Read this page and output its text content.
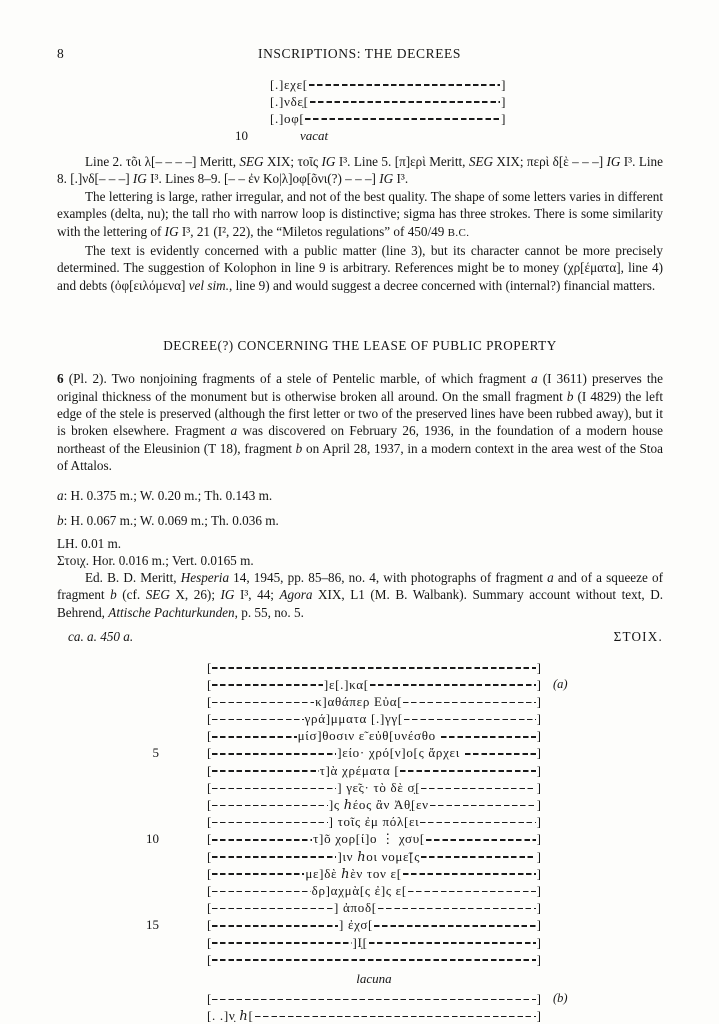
8	INSCRIPTIONS: THE DECREES
[.]εχε[	]
[.]νδε̣[	]
[.]οφ[	]
10	vacat

Line 2. τõι λ[– – – –] Meritt, SEG XIX; τοῖς IG I³. Line 5. [π]ερὶ Meritt, SEG XIX; περὶ δ[ὲ – – –] IG I³. Line 8. [.]νδ[– – –] IG I³. Lines 8–9. [– – ἐν Κο|λ]οφ[õνι(?) – – –] IG I³.

The lettering is large, rather irregular, and not of the best quality. The shape of some letters varies in different examples (delta, nu); the tall rho with narrow loop is distinctive; sigma has three strokes. There is some similarity with the lettering of IG I³, 21 (I², 22), the “Miletos regulations” of 450/49 B.C.

The text is evidently concerned with a public matter (line 3), but its character cannot be more precisely determined. The suggestion of Kolophon in line 9 is arbitrary. References might be to money (χρ[έματα], line 4) and debts (ὀφ[ειλόμενα] vel sim., line 9) and would suggest a decree concerned with (internal?) financial matters.

DECREE(?) CONCERNING THE LEASE OF PUBLIC PROPERTY

6 (Pl. 2). Two nonjoining fragments of a stele of Pentelic marble, of which fragment a (I 3611) preserves the original thickness of the monument but is otherwise broken all around. On the small fragment b (I 4829) the left edge of the stele is preserved (although the first letter or two of the preserved lines have been rubbed away), but it is broken elsewhere. Fragment a was discovered on February 26, 1936, in the foundation of a modern house northeast of the Eleusinion (T 18), fragment b on April 28, 1937, in a modern context in the area west of the Stoa of Attalos.

a: H. 0.375 m.; W. 0.20 m.; Th. 0.143 m.

b: H. 0.067 m.; W. 0.069 m.; Th. 0.036 m.

LH. 0.01 m.

Στοιχ. Hor. 0.016 m.; Vert. 0.0165 m.

Ed. B. D. Meritt, Hesperia 14, 1945, pp. 85–86, no. 4, with photographs of fragment a and of a squeeze of fragment b (cf. SEG X, 26); IG I³, 44; Agora XIX, L1 (M. B. Walbank). Summary account without text, D. Behrend, Attische Pachturkunden, p. 55, no. 5.

ca. a. 450 a.	ΣΤΟΙΧ.
[	]
[	]ε[.]κα[	] (a)
[	κ]αθάπερ Εὐα[	]
[	γρά]μματα [.]γγ[	]
[	μίσ]θοσιν ε̃ εὐθ[υνέσθο	]
5	[	]είο· χρό[ν]ο[ς ἄρχει	]
[	τ]ὰ χρέματα [	]
[	] γε̃ς· τὸ δὲ σ̣[	]
[	]ς ℎέος ἂν Ἀθ̣[εν	]
[	] τοῖς ἐμ πόλ[ει	]
10	[	τ]õ χορ[ί]ο ⋮ χσυ[	]
[	]ιν ℎοι νομε̃[ς	]
[	με]δὲ ℎὲν τον ε[	]
[	δρ]αχμὰ[ς ἐ]ς ε[	]
[	] ἀποδ[	]
15	[	] ἐχσ[	]
[	]Ι̣[	]
[	]
lacuna
[	] (b)
[. .]ν̣ ℎ[	]
